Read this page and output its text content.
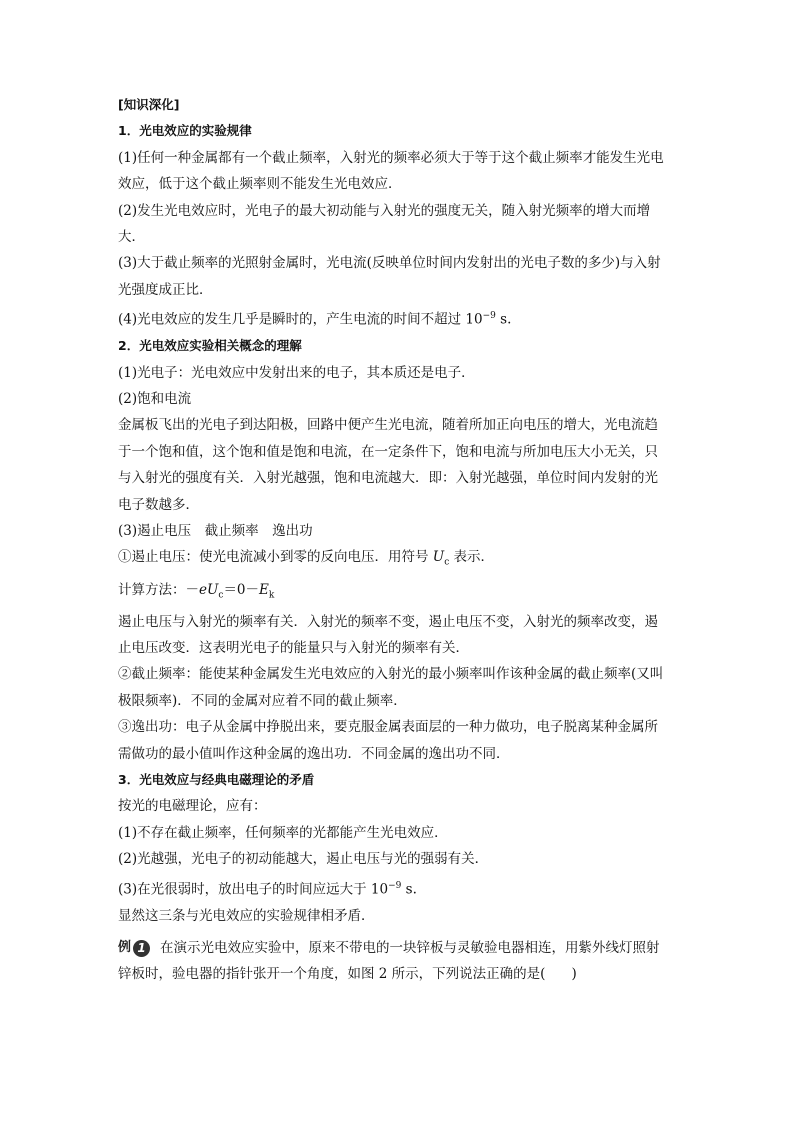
[知识深化]
1．光电效应的实验规律
(1)任何一种金属都有一个截止频率，入射光的频率必须大于等于这个截止频率才能发生光电
效应，低于这个截止频率则不能发生光电效应．
(2)发生光电效应时，光电子的最大初动能与入射光的强度无关，随入射光频率的增大而增
大．
(3)大于截止频率的光照射金属时，光电流(反映单位时间内发射出的光电子数的多少)与入射
光强度成正比．
(4)光电效应的发生几乎是瞬时的，产生电流的时间不超过 $10^{-9}$ s.
2．光电效应实验相关概念的理解
(1)光电子：光电效应中发射出来的电子，其本质还是电子．
(2)饱和电流
金属板飞出的光电子到达阳极，回路中便产生光电流，随着所加正向电压的增大，光电流趋
于一个饱和值，这个饱和值是饱和电流，在一定条件下，饱和电流与所加电压大小无关，只
与入射光的强度有关．入射光越强，饱和电流越大．即：入射光越强，单位时间内发射的光
电子数越多．
(3)遏止电压　截止频率　逸出功
①遏止电压：使光电流减小到零的反向电压．用符号 $U_c$ 表示．
计算方法：$-eU_c=0-E_k$
遏止电压与入射光的频率有关．入射光的频率不变，遏止电压不变，入射光的频率改变，遏
止电压改变．这表明光电子的能量只与入射光的频率有关．
②截止频率：能使某种金属发生光电效应的入射光的最小频率叫作该种金属的截止频率(又叫
极限频率)．不同的金属对应着不同的截止频率．
③逸出功：电子从金属中挣脱出来，要克服金属表面层的一种力做功，电子脱离某种金属所
需做功的最小值叫作这种金属的逸出功．不同金属的逸出功不同．
3．光电效应与经典电磁理论的矛盾
按光的电磁理论，应有：
(1)不存在截止频率，任何频率的光都能产生光电效应．
(2)光越强，光电子的初动能越大，遏止电压与光的强弱有关．
(3)在光很弱时，放出电子的时间应远大于 $10^{-9}$ s.
显然这三条与光电效应的实验规律相矛盾．
例 1	在演示光电效应实验中，原来不带电的一块锌板与灵敏验电器相连，用紫外线灯照射
锌板时，验电器的指针张开一个角度，如图 2 所示，下列说法正确的是( )
